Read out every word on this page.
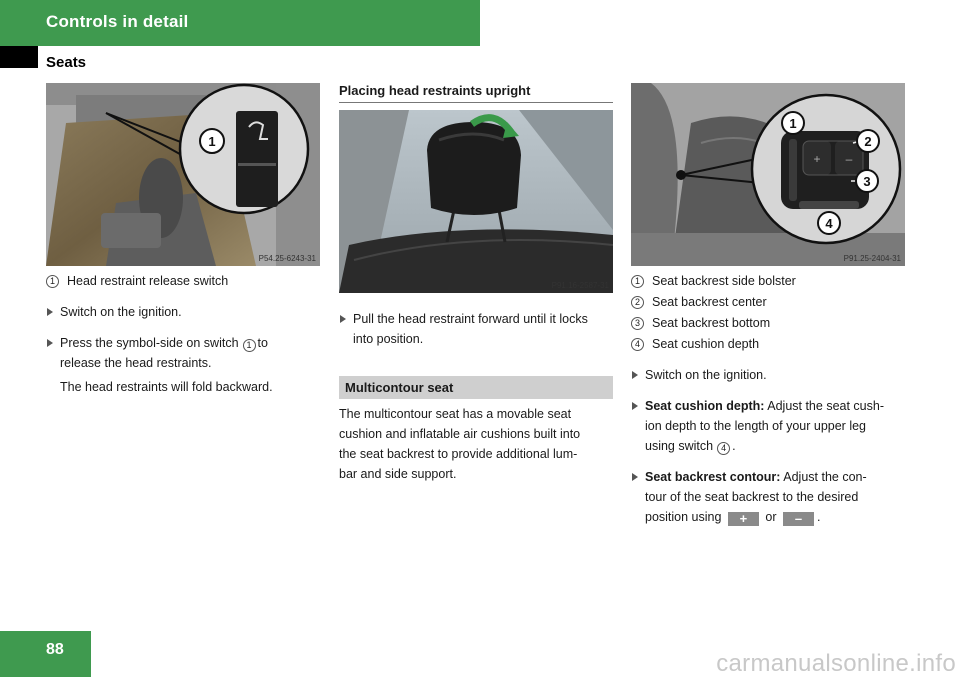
Controls in detail
Seats
1
P54.25-6243-31
1 Head restraint release switch
Switch on the ignition.
Press the symbol-side on switch 1 to
release the head restraints.
The head restraints will fold backward.
Placing head restraints upright
P91.16-2587-31
Pull the head restraint forward until it locks
into position.
Multicontour seat
The multicontour seat has a movable seat
cushion and inflatable air cushions built into
the seat backrest to provide additional lum-
bar and side support.
+ –
1
2
3
4
P91.25-2404-31
1 Seat backrest side bolster
2 Seat backrest center
3 Seat backrest bottom
4 Seat cushion depth
Switch on the ignition.
Seat cushion depth: Adjust the seat cush-
ion depth to the length of your upper leg
using switch 4 .
Seat backrest contour: Adjust the con-
tour of the seat backrest to the desired
position using + or – .
88
carmanualsonline.info
